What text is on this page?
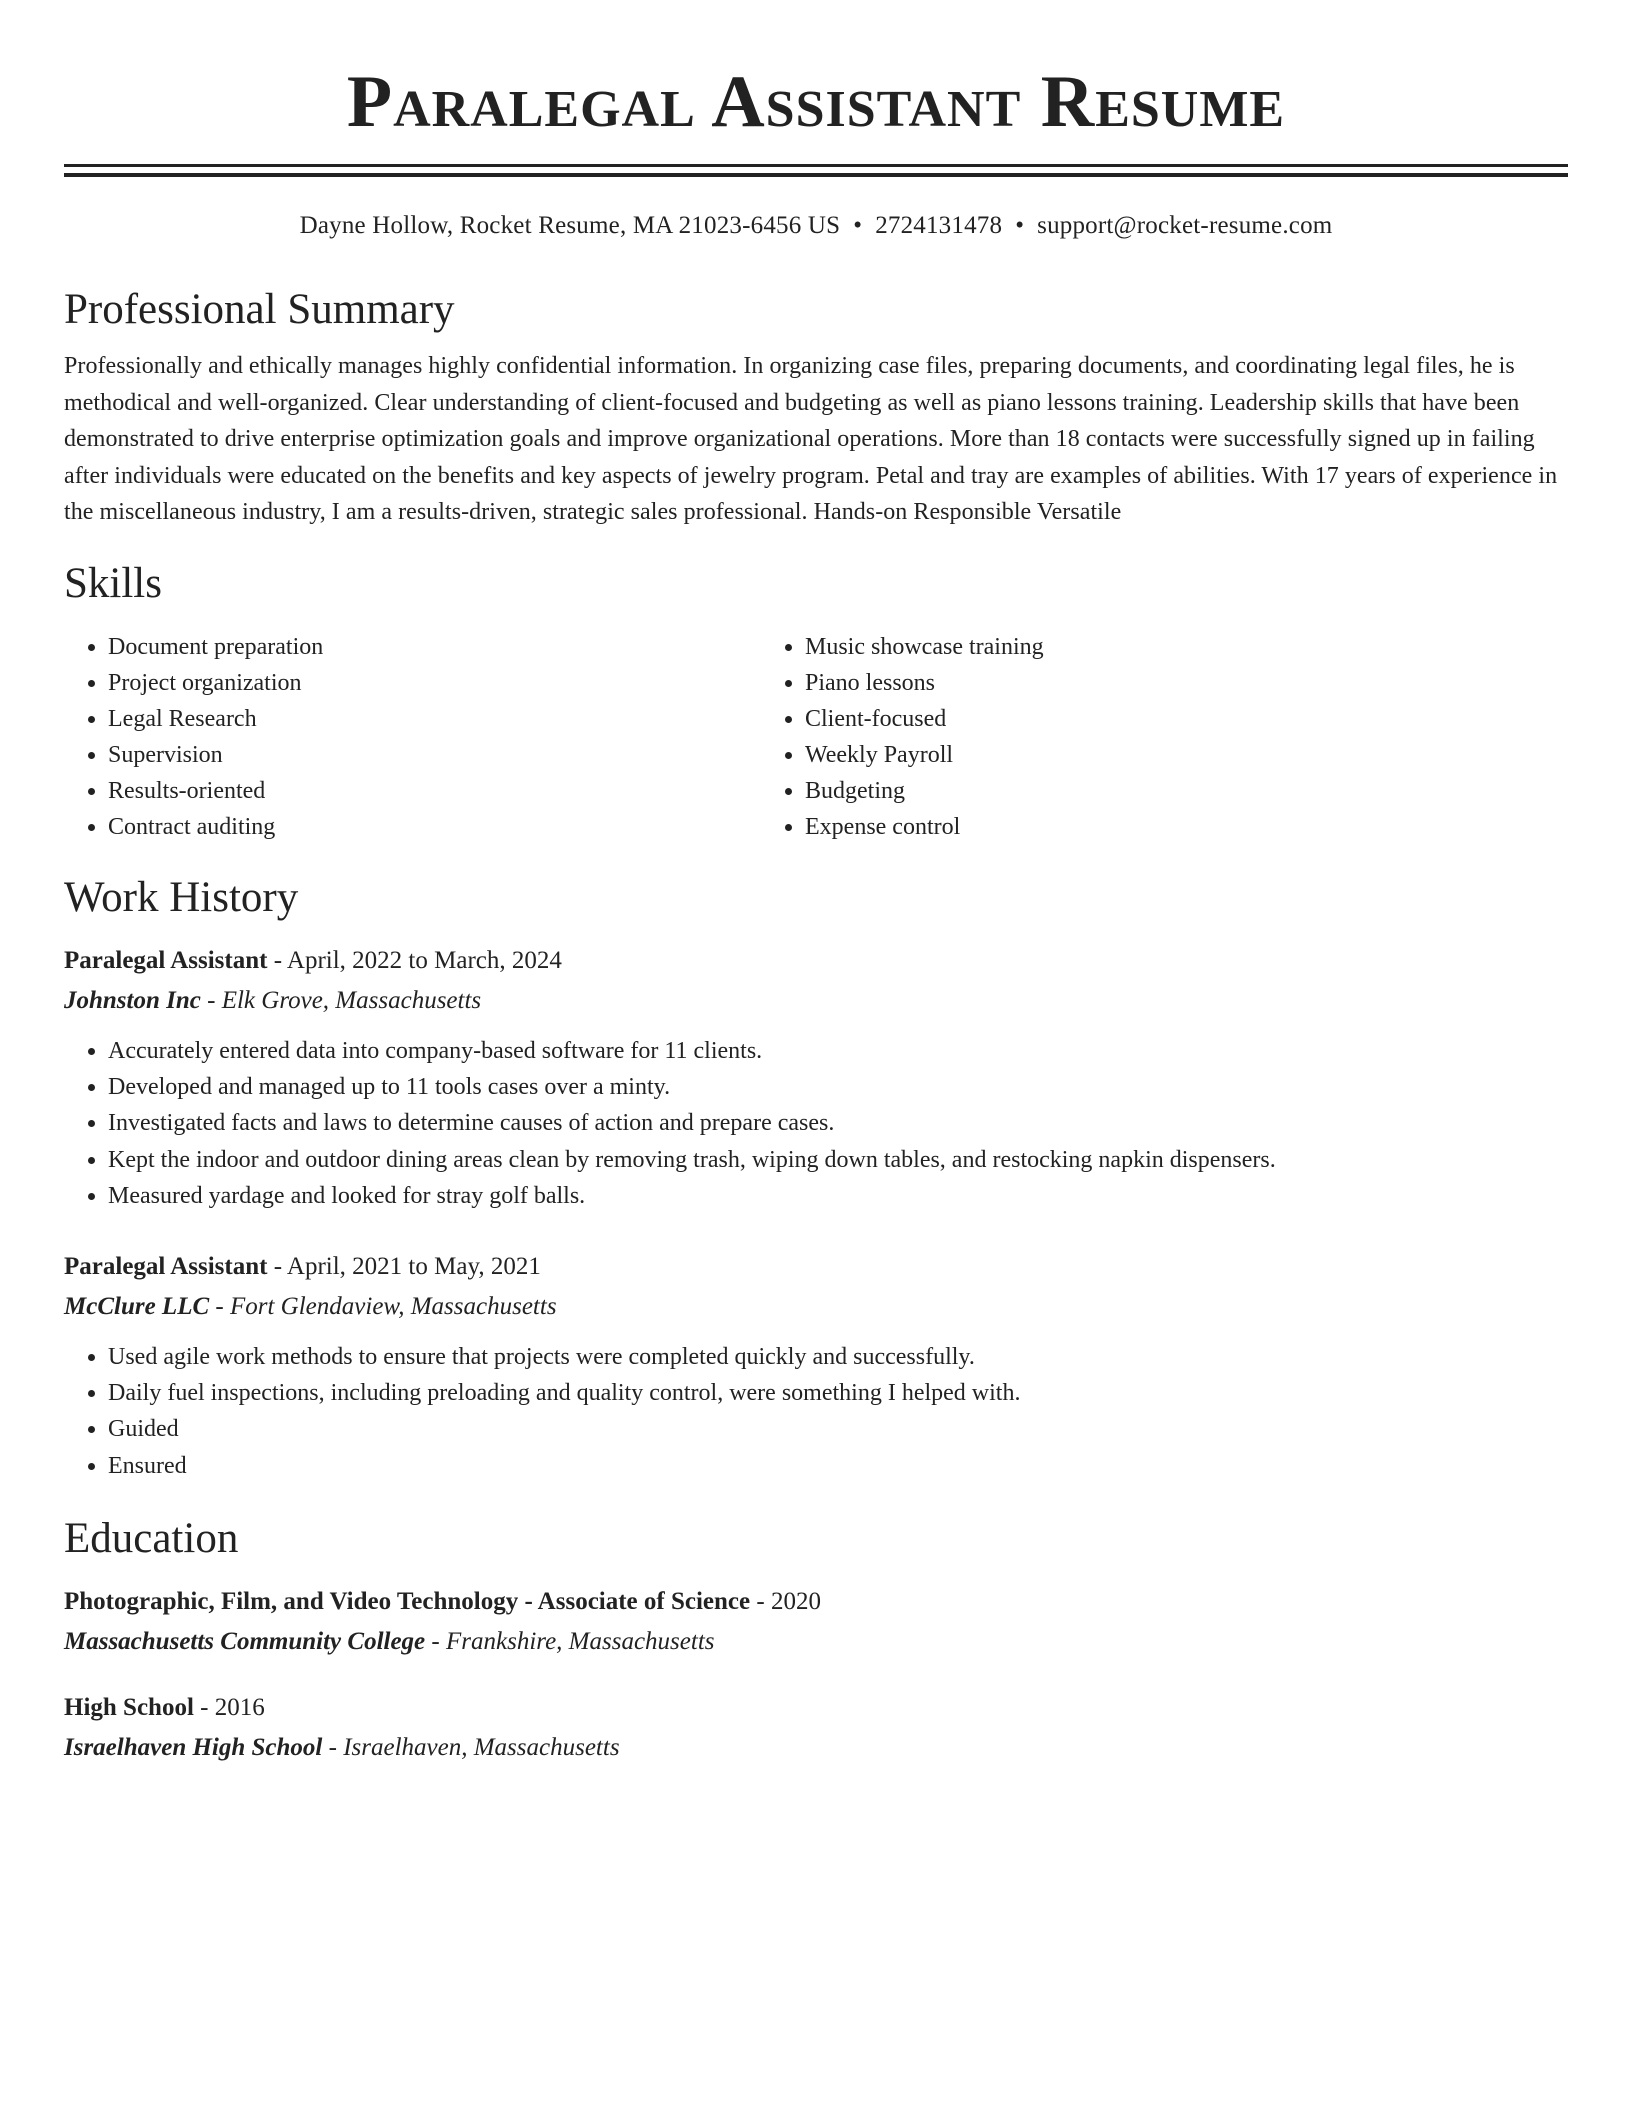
Paralegal Assistant Resume
Dayne Hollow, Rocket Resume, MA 21023-6456 US • 2724131478 • support@rocket-resume.com
Professional Summary

Professionally and ethically manages highly confidential information. In organizing case files, preparing documents, and coordinating legal files, he is methodical and well-organized. Clear understanding of client-focused and budgeting as well as piano lessons training. Leadership skills that have been demonstrated to drive enterprise optimization goals and improve organizational operations. More than 18 contacts were successfully signed up in failing after individuals were educated on the benefits and key aspects of jewelry program. Petal and tray are examples of abilities. With 17 years of experience in the miscellaneous industry, I am a results-driven, strategic sales professional. Hands-on Responsible Versatile

Skills
• Document preparation
• Project organization
• Legal Research
• Supervision
• Results-oriented
• Contract auditing
• Music showcase training
• Piano lessons
• Client-focused
• Weekly Payroll
• Budgeting
• Expense control
Work History
Paralegal Assistant - April, 2022 to March, 2024
Johnston Inc - Elk Grove, Massachusetts
• Accurately entered data into company-based software for 11 clients.
• Developed and managed up to 11 tools cases over a minty.
• Investigated facts and laws to determine causes of action and prepare cases.
• Kept the indoor and outdoor dining areas clean by removing trash, wiping down tables, and restocking napkin dispensers.
• Measured yardage and looked for stray golf balls.
Paralegal Assistant - April, 2021 to May, 2021
McClure LLC - Fort Glendaview, Massachusetts
• Used agile work methods to ensure that projects were completed quickly and successfully.
• Daily fuel inspections, including preloading and quality control, were something I helped with.
• Guided
• Ensured
Education
Photographic, Film, and Video Technology - Associate of Science - 2020
Massachusetts Community College - Frankshire, Massachusetts
High School - 2016
Israelhaven High School - Israelhaven, Massachusetts
